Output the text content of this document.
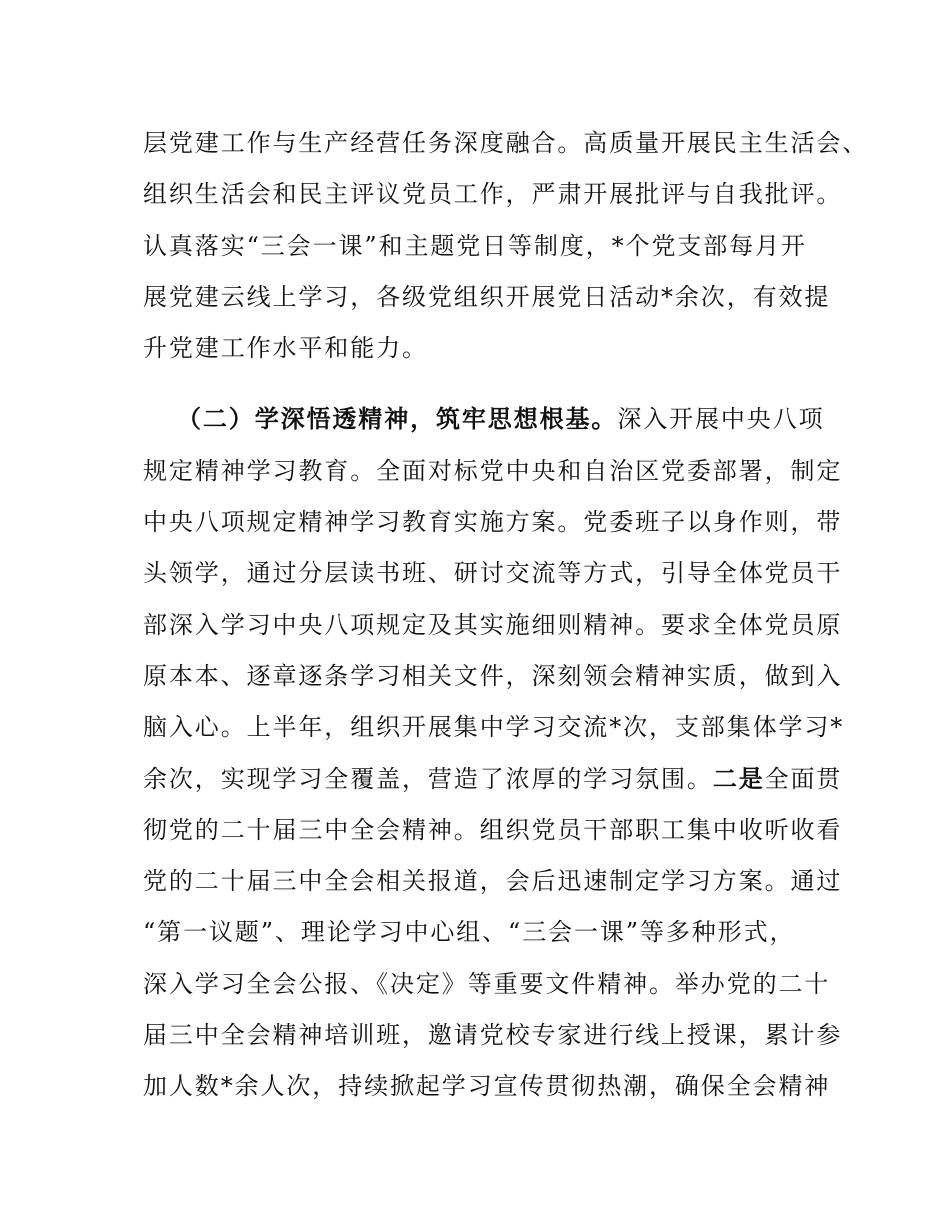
层党建工作与生产经营任务深度融合。高质量开展民主生活会、
组织生活会和民主评议党员工作，严肃开展批评与自我批评。
认真落实“三会一课”和主题党日等制度，*个党支部每月开
展党建云线上学习，各级党组织开展党日活动*余次，有效提
升党建工作水平和能力。
（二）学深悟透精神，筑牢思想根基。深入开展中央八项
规定精神学习教育。全面对标党中央和自治区党委部署，制定
中央八项规定精神学习教育实施方案。党委班子以身作则，带
头领学，通过分层读书班、研讨交流等方式，引导全体党员干
部深入学习中央八项规定及其实施细则精神。要求全体党员原
原本本、逐章逐条学习相关文件，深刻领会精神实质，做到入
脑入心。上半年，组织开展集中学习交流*次，支部集体学习*
余次，实现学习全覆盖，营造了浓厚的学习氛围。二是全面贯
彻党的二十届三中全会精神。组织党员干部职工集中收听收看
党的二十届三中全会相关报道，会后迅速制定学习方案。通过
“第一议题”、理论学习中心组、“三会一课”等多种形式，
深入学习全会公报、《决定》等重要文件精神。举办党的二十
届三中全会精神培训班，邀请党校专家进行线上授课，累计参
加人数*余人次，持续掀起学习宣传贯彻热潮，确保全会精神
